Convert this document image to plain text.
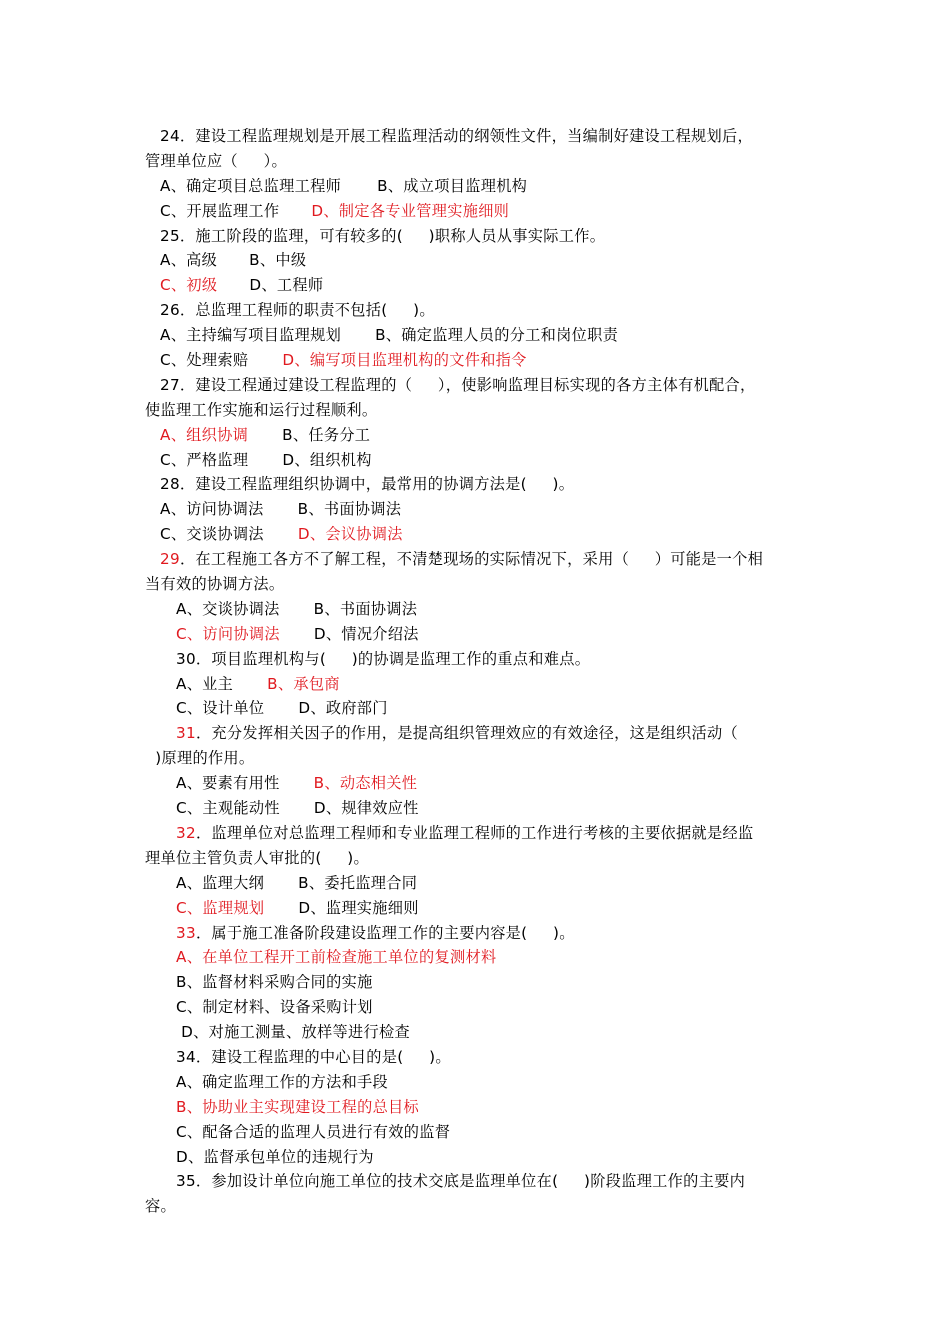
24．建设工程监理规划是开展工程监理活动的纲领性文件，当编制好建设工程规划后，
管理单位应（     ）。
A、确定项目总监理工程师 B、成立项目监理机构
C、开展监理工作 D、制定各专业管理实施细则
25．施工阶段的监理，可有较多的(     )职称人员从事实际工作。
A、高级 B、中级
C、初级 D、工程师
26．总监理工程师的职责不包括(     )。
A、主持编写项目监理规划 B、确定监理人员的分工和岗位职责
C、处理索赔 D、编写项目监理机构的文件和指令
27．建设工程通过建设工程监理的（     ），使影响监理目标实现的各方主体有机配合，
使监理工作实施和运行过程顺利。
A、组织协调 B、任务分工
C、严格监理 D、组织机构
28．建设工程监理组织协调中，最常用的协调方法是(     )。
A、访问协调法 B、书面协调法
C、交谈协调法 D、会议协调法
29．在工程施工各方不了解工程，不清楚现场的实际情况下，采用（     ）可能是一个相
当有效的协调方法。
A、交谈协调法 B、书面协调法
C、访问协调法 D、情况介绍法
30．项目监理机构与(     )的协调是监理工作的重点和难点。
A、业主 B、承包商
C、设计单位 D、政府部门
31．充分发挥相关因子的作用，是提高组织管理效应的有效途径，这是组织活动（
)原理的作用。
A、要素有用性 B、动态相关性
C、主观能动性 D、规律效应性
32．监理单位对总监理工程师和专业监理工程师的工作进行考核的主要依据就是经监
理单位主管负责人审批的(     )。
A、监理大纲 B、委托监理合同
C、监理规划 D、监理实施细则
33．属于施工准备阶段建设监理工作的主要内容是(     )。
A、在单位工程开工前检查施工单位的复测材料
B、监督材料采购合同的实施
C、制定材料、设备采购计划
D、对施工测量、放样等进行检查
34．建设工程监理的中心目的是(     )。
A、确定监理工作的方法和手段
B、协助业主实现建设工程的总目标
C、配备合适的监理人员进行有效的监督
D、监督承包单位的违规行为
35．参加设计单位向施工单位的技术交底是监理单位在(     )阶段监理工作的主要内
容。
